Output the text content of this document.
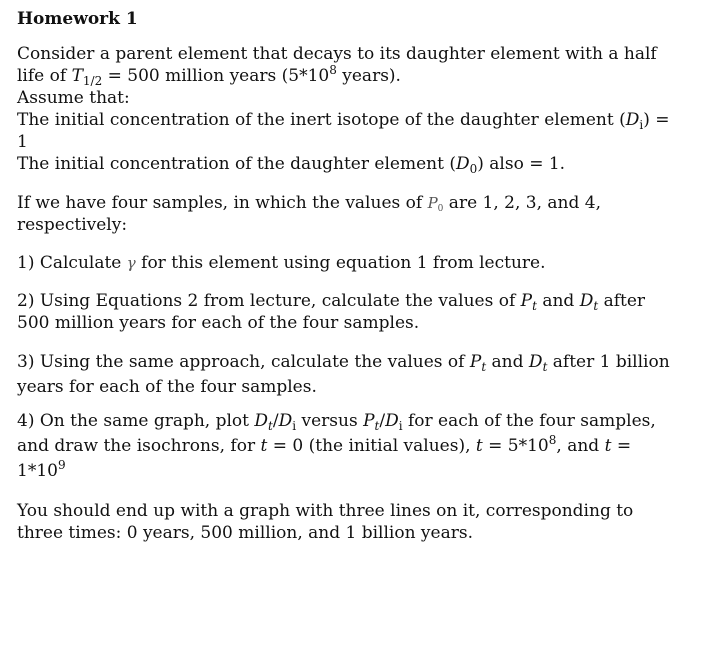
Homework 1
Consider a parent element that decays to its daughter element with a half
life of $T_{1/2} = 500$ million years ($5*10^8$ years).
Assume that:
The initial concentration of the inert isotope of the daughter element $(D_i)$ =
1
The initial concentration of the daughter element $(D_0)$ also = 1.
If we have four samples, in which the values of P0 are 1, 2, 3, and 4,
respectively:
1) Calculate γ for this element using equation 1 from lecture.
2) Using Equations 2 from lecture, calculate the values of $P_t$ and $D_t$ after
500 million years for each of the four samples.
3) Using the same approach, calculate the values of $P_t$ and $D_t$ after 1 billion
years for each of the four samples.
4) On the same graph, plot $D_t/D_i$ versus $P_t/D_i$ for each of the four samples,
and draw the isochrons, for t = 0 (the initial values), $t = 5*10^8$, and t =
$1*10^9$
You should end up with a graph with three lines on it, corresponding to
three times: 0 years, 500 million, and 1 billion years.
